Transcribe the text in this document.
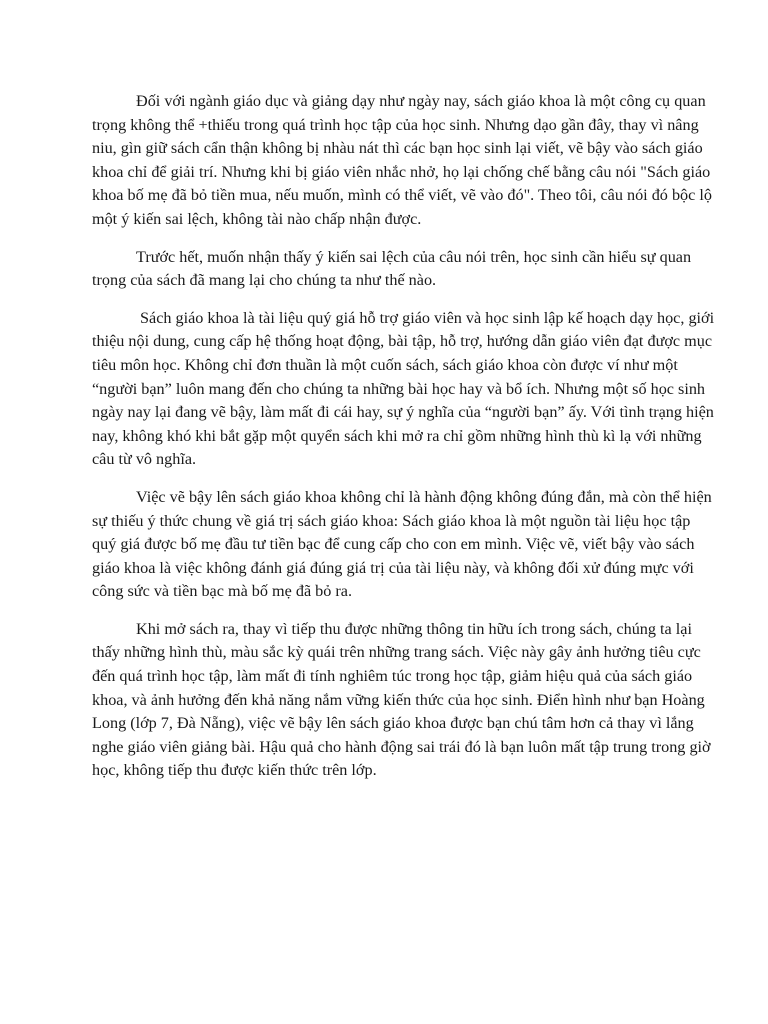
Đối với ngành giáo dục và giảng dạy như ngày nay, sách giáo khoa là một công cụ quan trọng không thể +thiếu trong quá trình học tập của học sinh. Nhưng dạo gần đây, thay vì nâng niu, gìn giữ sách cẩn thận không bị nhàu nát thì các bạn học sinh lại viết, vẽ bậy vào sách giáo khoa chỉ để giải trí. Nhưng khi bị giáo viên nhắc nhở, họ lại chống chế bằng câu nói "Sách giáo khoa bố mẹ đã bỏ tiền mua, nếu muốn, mình có thể viết, vẽ vào đó". Theo tôi, câu nói đó bộc lộ một ý kiến sai lệch, không tài nào chấp nhận được.

Trước hết, muốn nhận thấy ý kiến sai lệch của câu nói trên, học sinh cần hiểu sự quan trọng của sách đã mang lại cho chúng ta như thế nào.

Sách giáo khoa là tài liệu quý giá hỗ trợ giáo viên và học sinh lập kế hoạch dạy học, giới thiệu nội dung, cung cấp hệ thống hoạt động, bài tập, hỗ trợ, hướng dẫn giáo viên đạt được mục tiêu môn học. Không chỉ đơn thuần là một cuốn sách, sách giáo khoa còn được ví như một “người bạn” luôn mang đến cho chúng ta những bài học hay và bổ ích. Nhưng một số học sinh ngày nay lại đang vẽ bậy, làm mất đi cái hay, sự ý nghĩa của “người bạn” ấy. Với tình trạng hiện nay, không khó khi bắt gặp một quyển sách khi mở ra chỉ gồm những hình thù kì lạ với những câu từ vô nghĩa.

Việc vẽ bậy lên sách giáo khoa không chỉ là hành động không đúng đắn, mà còn thể hiện sự thiếu ý thức chung về giá trị sách giáo khoa: Sách giáo khoa là một nguồn tài liệu học tập quý giá được bố mẹ đầu tư tiền bạc để cung cấp cho con em mình. Việc vẽ, viết bậy vào sách giáo khoa là việc không đánh giá đúng giá trị của tài liệu này, và không đối xử đúng mực với công sức và tiền bạc mà bố mẹ đã bỏ ra.

Khi mở sách ra, thay vì tiếp thu được những thông tin hữu ích trong sách, chúng ta lại thấy những hình thù, màu sắc kỳ quái trên những trang sách. Việc này gây ảnh hưởng tiêu cực đến quá trình học tập, làm mất đi tính nghiêm túc trong học tập, giảm hiệu quả của sách giáo khoa, và ảnh hưởng đến khả năng nắm vững kiến thức của học sinh. Điển hình như bạn Hoàng Long (lớp 7, Đà Nẵng), việc vẽ bậy lên sách giáo khoa được bạn chú tâm hơn cả thay vì lắng nghe giáo viên giảng bài. Hậu quả cho hành động sai trái đó là bạn luôn mất tập trung trong giờ học, không tiếp thu được kiến thức trên lớp.
